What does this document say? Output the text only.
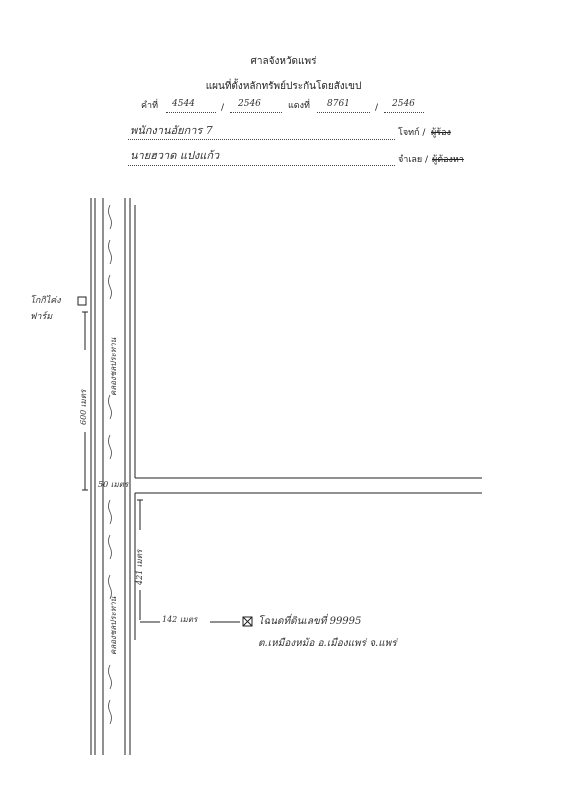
ศาลจังหวัดแพร่
แผนที่ตั้งหลักทรัพย์ประกันโดยสังเขป
คำที่ 4544	/ 2546	แดงที่ 8761	/ 2546
พนักงานอัยการ 7	โจทก์ / ผู้ร้อง
นายฮวาด แปงแก้ว	จำเลย / ผู้ต้องหา
โกกิไค่ง
ฟาร์ม
คลองชลประทาน
คลองชลประทาน
600 เมตร
421 เมตร
50 เมตร
142 เมตร	โฉนดที่ดินเลขที่ 99995
ต.เหมืองหม้อ อ.เมืองแพร่ จ.แพร่
